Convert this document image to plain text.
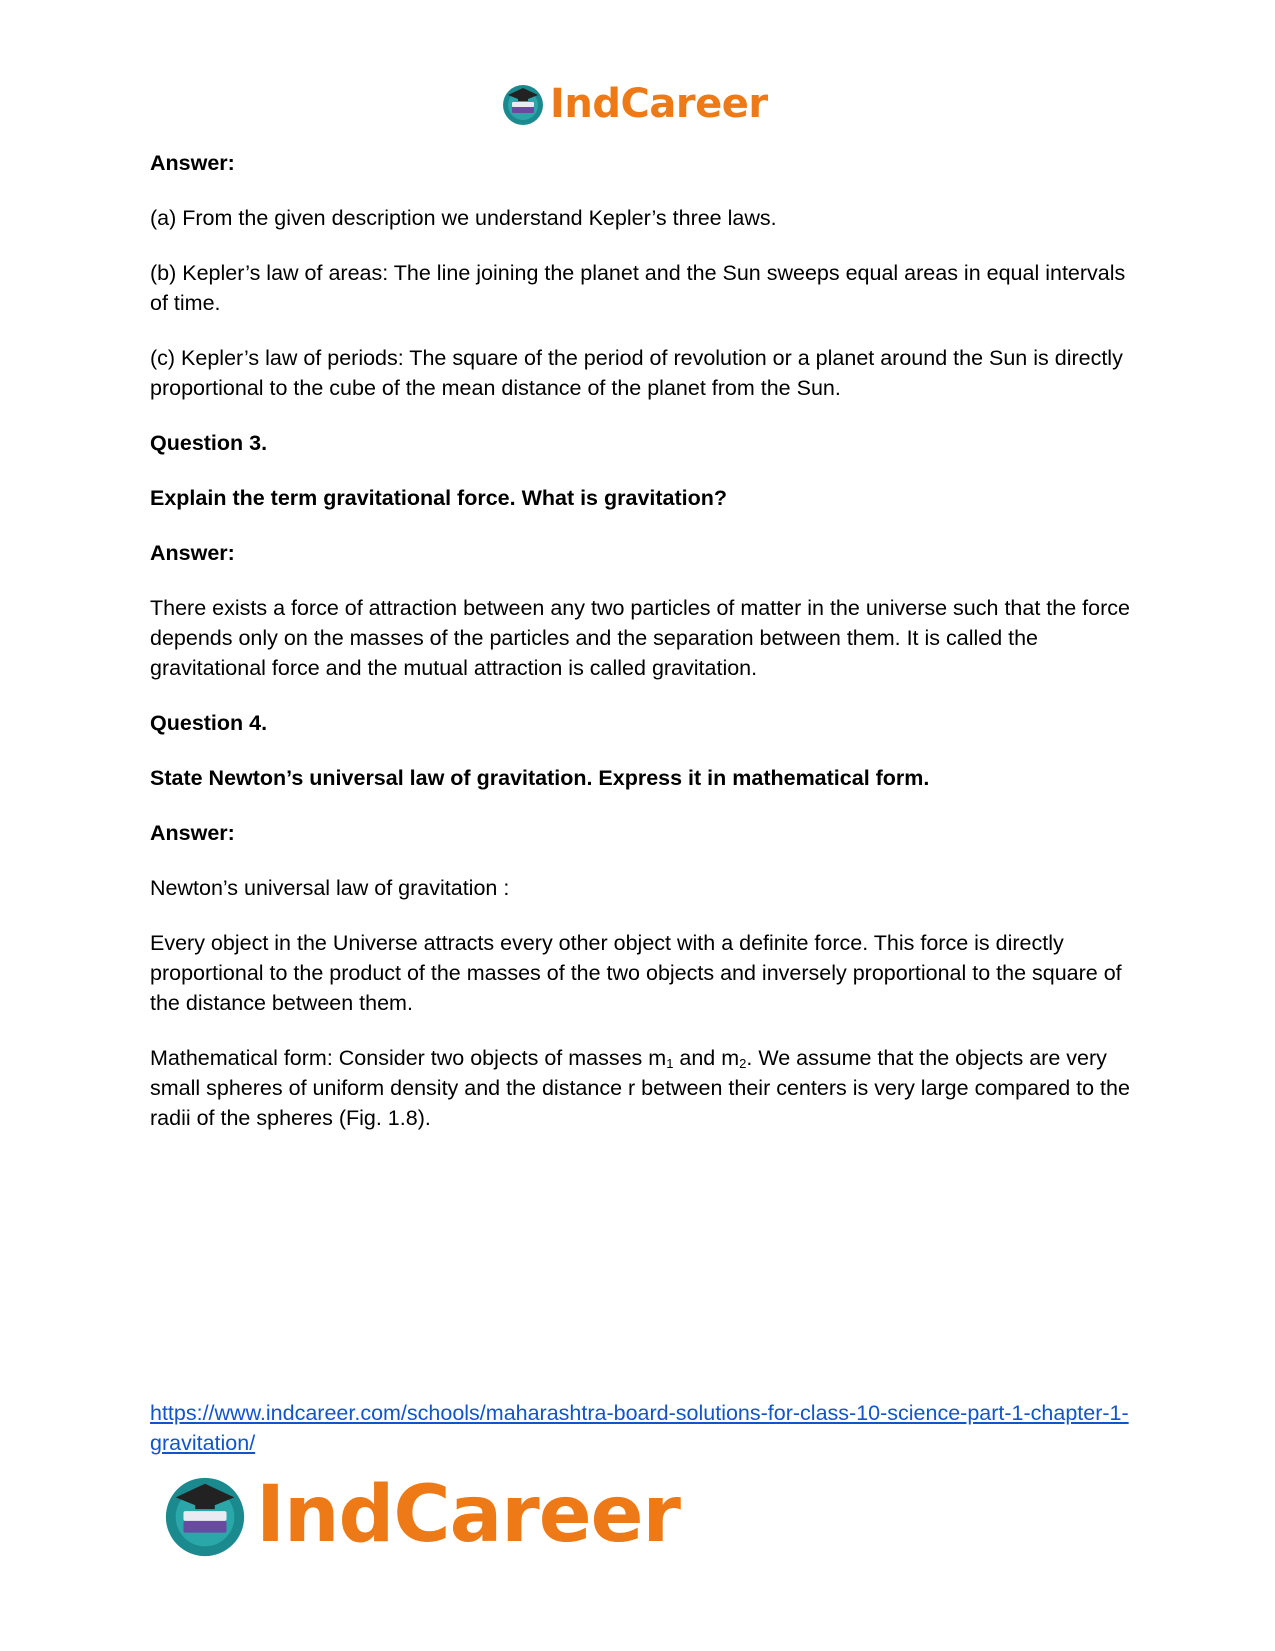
IndCareer

Answer:

(a) From the given description we understand Kepler’s three laws.

(b) Kepler’s law of areas: The line joining the planet and the Sun sweeps equal areas in equal intervals of time.

(c) Kepler’s law of periods: The square of the period of revolution or a planet around the Sun is directly proportional to the cube of the mean distance of the planet from the Sun.

Question 3.

Explain the term gravitational force. What is gravitation?

Answer:

There exists a force of attraction between any two particles of matter in the universe such that the force depends only on the masses of the particles and the separation between them. It is called the gravitational force and the mutual attraction is called gravitation.

Question 4.

State Newton’s universal law of gravitation. Express it in mathematical form.

Answer:

Newton’s universal law of gravitation :

Every object in the Universe attracts every other object with a definite force. This force is directly proportional to the product of the masses of the two objects and inversely proportional to the square of the distance between them.

Mathematical form: Consider two objects of masses $m_1$ and $m_2$. We assume that the objects are very small spheres of uniform density and the distance r between their centers is very large compared to the radii of the spheres (Fig. 1.8).

https://www.indcareer.com/schools/maharashtra-board-solutions-for-class-10-science-part-1-chapter-1-gravitation/
IndCareer
